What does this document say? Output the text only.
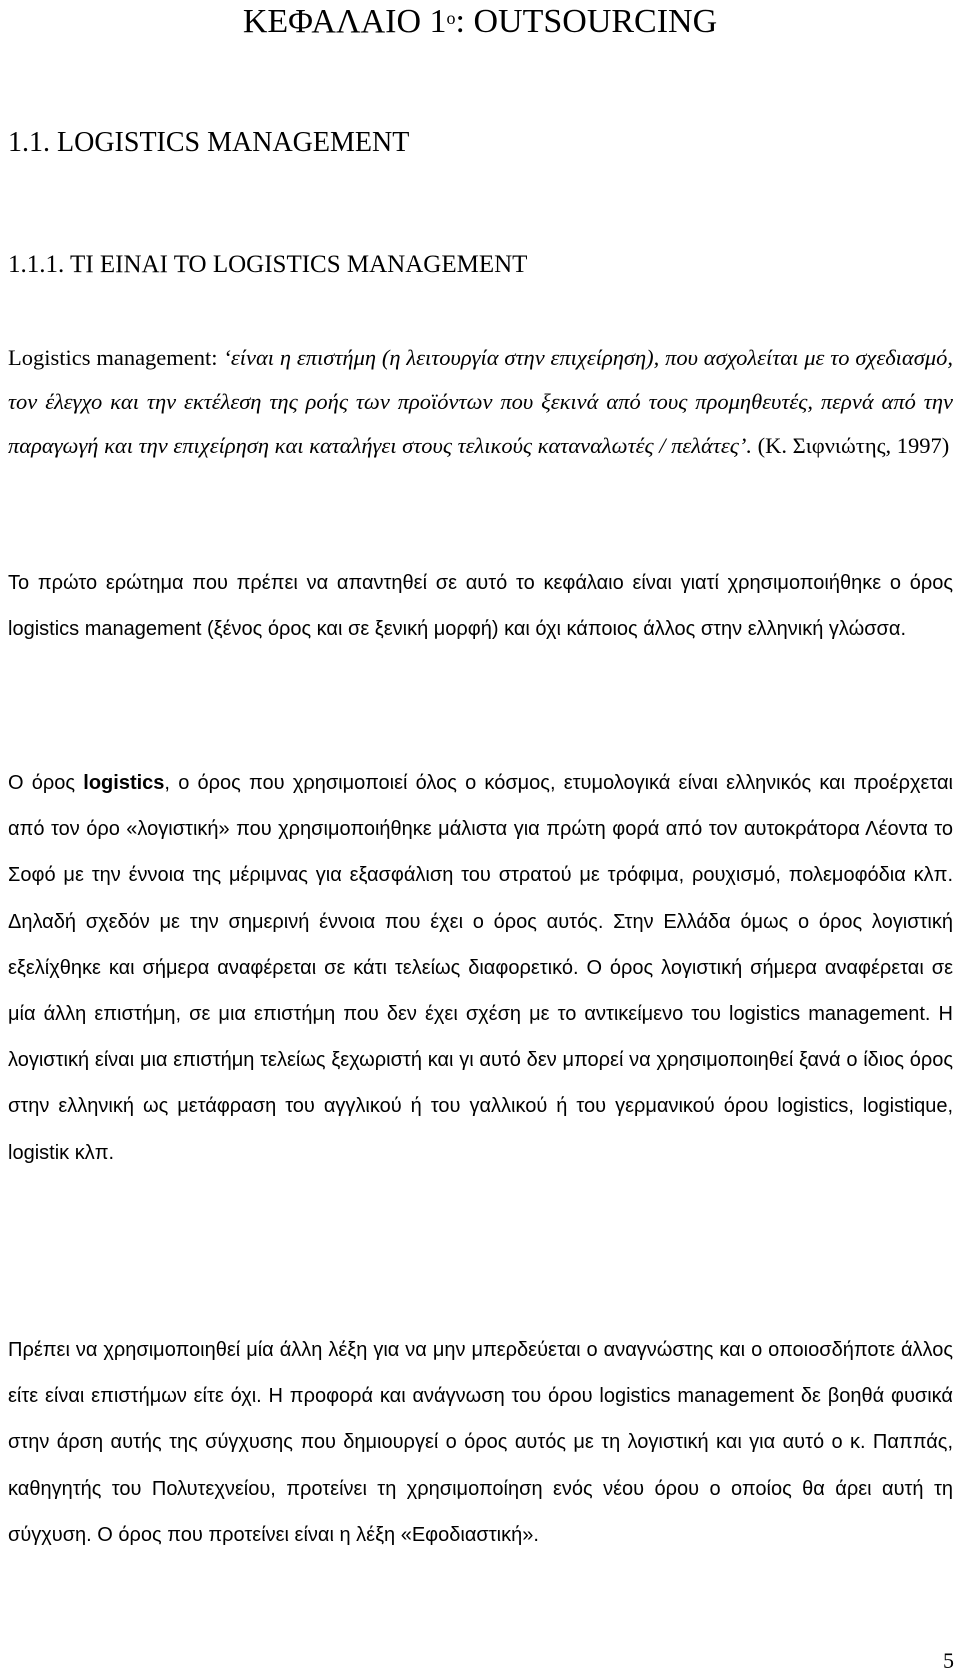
ΚΕΦΑΛΑΙΟ $1^o$: OUTSOURCING
1.1. LOGISTICS MANAGEMENT
1.1.1. ΤΙ ΕΙΝΑΙ ΤΟ LOGISTICS MANAGEMENT

Logistics management: ‘είναι η επιστήμη (η λειτουργία στην επιχείρηση), που ασχολείται με το σχεδιασμό, τον έλεγχο και την εκτέλεση της ροής των προϊόντων που ξεκινά από τους προμηθευτές, περνά από την παραγωγή και την επιχείρηση και καταλήγει στους τελικούς καταναλωτές / πελάτες’. (Κ. Σιφνιώτης, 1997)

Το πρώτο ερώτημα που πρέπει να απαντηθεί σε αυτό το κεφάλαιο είναι γιατί χρησιμοποιήθηκε ο όρος logistics management (ξένος όρος και σε ξενική μορφή) και όχι κάποιος άλλος στην ελληνική γλώσσα.

Ο όρος logistics, ο όρος που χρησιμοποιεί όλος ο κόσμος, ετυμολογικά είναι ελληνικός και προέρχεται από τον όρο «λογιστική» που χρησιμοποιήθηκε μάλιστα για πρώτη φορά από τον αυτοκράτορα Λέοντα το Σοφό με την έννοια της μέριμνας για εξασφάλιση του στρατού με τρόφιμα, ρουχισμό, πολεμοφόδια κλπ. Δηλαδή σχεδόν με την σημερινή έννοια που έχει ο όρος αυτός. Στην Ελλάδα όμως ο όρος λογιστική εξελίχθηκε και σήμερα αναφέρεται σε κάτι τελείως διαφορετικό. Ο όρος λογιστική σήμερα αναφέρεται σε μία άλλη επιστήμη, σε μια επιστήμη που δεν έχει σχέση με το αντικείμενο του logistics management. Η λογιστική είναι μια επιστήμη τελείως ξεχωριστή και γι αυτό δεν μπορεί να χρησιμοποιηθεί ξανά ο ίδιος όρος στην ελληνική ως μετάφραση του αγγλικού ή του γαλλικού ή του γερμανικού όρου logistics, logistique, logistiκ κλπ.

Πρέπει να χρησιμοποιηθεί μία άλλη λέξη για να μην μπερδεύεται ο αναγνώστης και ο οποιοσδήποτε άλλος είτε είναι επιστήμων είτε όχι. Η προφορά και ανάγνωση του όρου logistics management δε βοηθά φυσικά στην άρση αυτής της σύγχυσης που δημιουργεί ο όρος αυτός με τη λογιστική και για αυτό ο κ. Παππάς, καθηγητής του Πολυτεχνείου, προτείνει τη χρησιμοποίηση ενός νέου όρου ο οποίος θα άρει αυτή τη σύγχυση. Ο όρος που προτείνει είναι η λέξη «Εφοδιαστική».

5
